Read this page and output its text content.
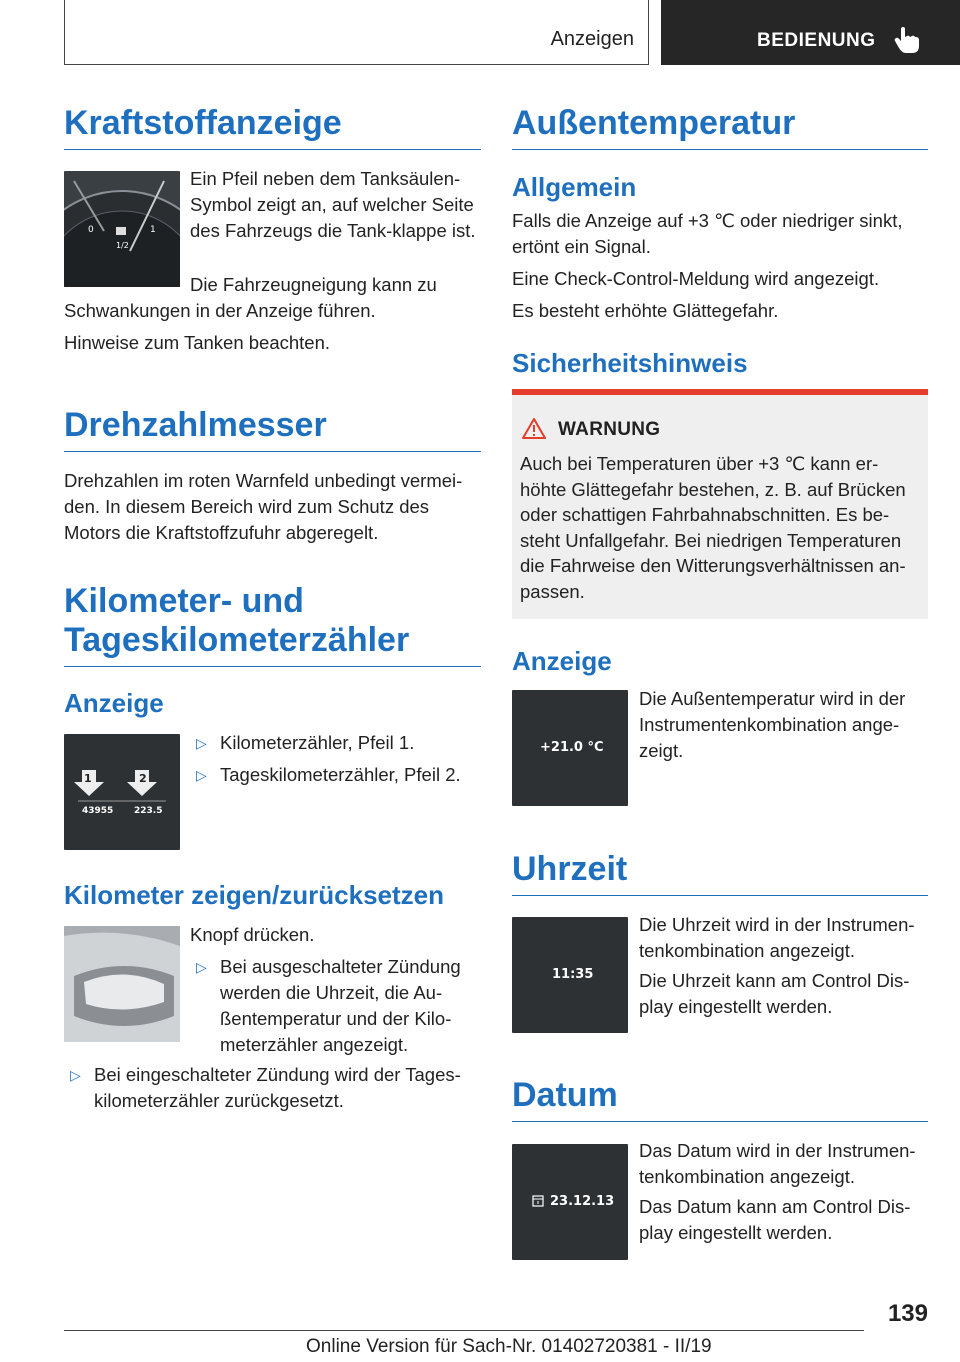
Anzeigen	BEDIENUNG
Kraftstoffanzeige
0
1/2
1

Ein Pfeil neben dem Tanksäulen-Symbol zeigt an, auf welcher Seite des Fahrzeugs die Tank-klappe ist.

Die Fahrzeugneigung kann zu Schwankungen in der Anzeige führen.

Hinweise zum Tanken beachten.

Drehzahlmesser

Drehzahlen im roten Warnfeld unbedingt vermei-den. In diesem Bereich wird zum Schutz des Motors die Kraftstoffzufuhr abgeregelt.

Kilometer- und Tageskilometerzähler
Anzeige
1	2
43955 223.5
▷ Kilometerzähler, Pfeil 1.
▷ Tageskilometerzähler, Pfeil 2.
Kilometer zeigen/zurücksetzen

Knopf drücken.

▷ Bei ausgeschalteter Zündung werden die Uhrzeit, die Au-ßentemperatur und der Kilo-meterzähler angezeigt.
▷ Bei eingeschalteter Zündung wird der Tages-kilometerzähler zurückgesetzt.
Außentemperatur
Allgemein

Falls die Anzeige auf +3 ℃ oder niedriger sinkt, ertönt ein Signal.

Eine Check-Control-Meldung wird angezeigt.

Es besteht erhöhte Glättegefahr.

Sicherheitshinweis
WARNUNG

Auch bei Temperaturen über +3 ℃ kann er-höhte Glättegefahr bestehen, z. B. auf Brücken oder schattigen Fahrbahnabschnitten. Es be-steht Unfallgefahr. Bei niedrigen Temperaturen die Fahrweise den Witterungsverhältnissen an-passen.

Anzeige
+21.0 °C

Die Außentemperatur wird in der Instrumentenkombination ange-zeigt.

Uhrzeit
11:35

Die Uhrzeit wird in der Instrumen-tenkombination angezeigt.

Die Uhrzeit kann am Control Dis-play eingestellt werden.

Datum
23.12.13

Das Datum wird in der Instrumen-tenkombination angezeigt.

Das Datum kann am Control Dis-play eingestellt werden.

139
Online Version für Sach-Nr. 01402720381 - II/19
